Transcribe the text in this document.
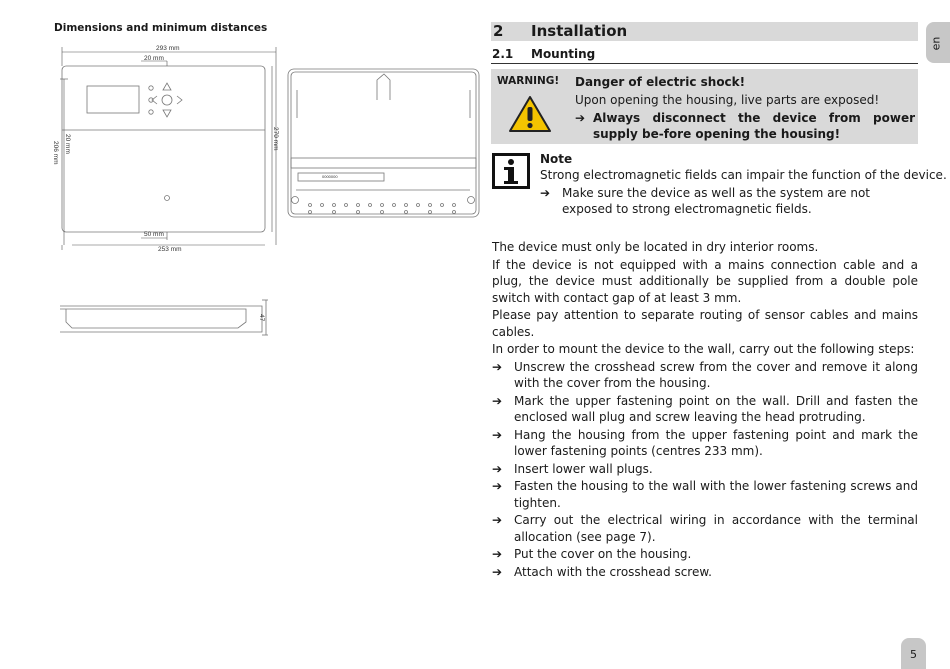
Dimensions and minimum distances
293 mm
20 mm
270 mm
20 mm
206 mm
50 mm
253 mm
0000000
47
2 Installation
2.1 Mounting
WARNING! Danger of electric shock!
Upon opening the housing, live parts are exposed!
➔ Always disconnect the device from power supply be-fore opening the housing!
Note
Strong electromagnetic fields can impair the function of the device.
➔ Make sure the device as well as the system are not exposed to strong electromagnetic fields.

The device must only be located in dry interior rooms.

If the device is not equipped with a mains connection cable and a plug, the device must additionally be supplied from a double pole switch with contact gap of at least 3 mm.

Please pay attention to separate routing of sensor cables and mains cables.

In order to mount the device to the wall, carry out the following steps:

➔ Unscrew the crosshead screw from the cover and remove it along with the cover from the housing.
➔ Mark the upper fastening point on the wall. Drill and fasten the enclosed wall plug and screw leaving the head protruding.
➔ Hang the housing from the upper fastening point and mark the lower fastening points (centres 233 mm).
➔ Insert lower wall plugs.
➔ Fasten the housing to the wall with the lower fastening screws and tighten.
➔ Carry out the electrical wiring in accordance with the terminal allocation (see page 7).
➔ Put the cover on the housing.
➔ Attach with the crosshead screw.
en
5
